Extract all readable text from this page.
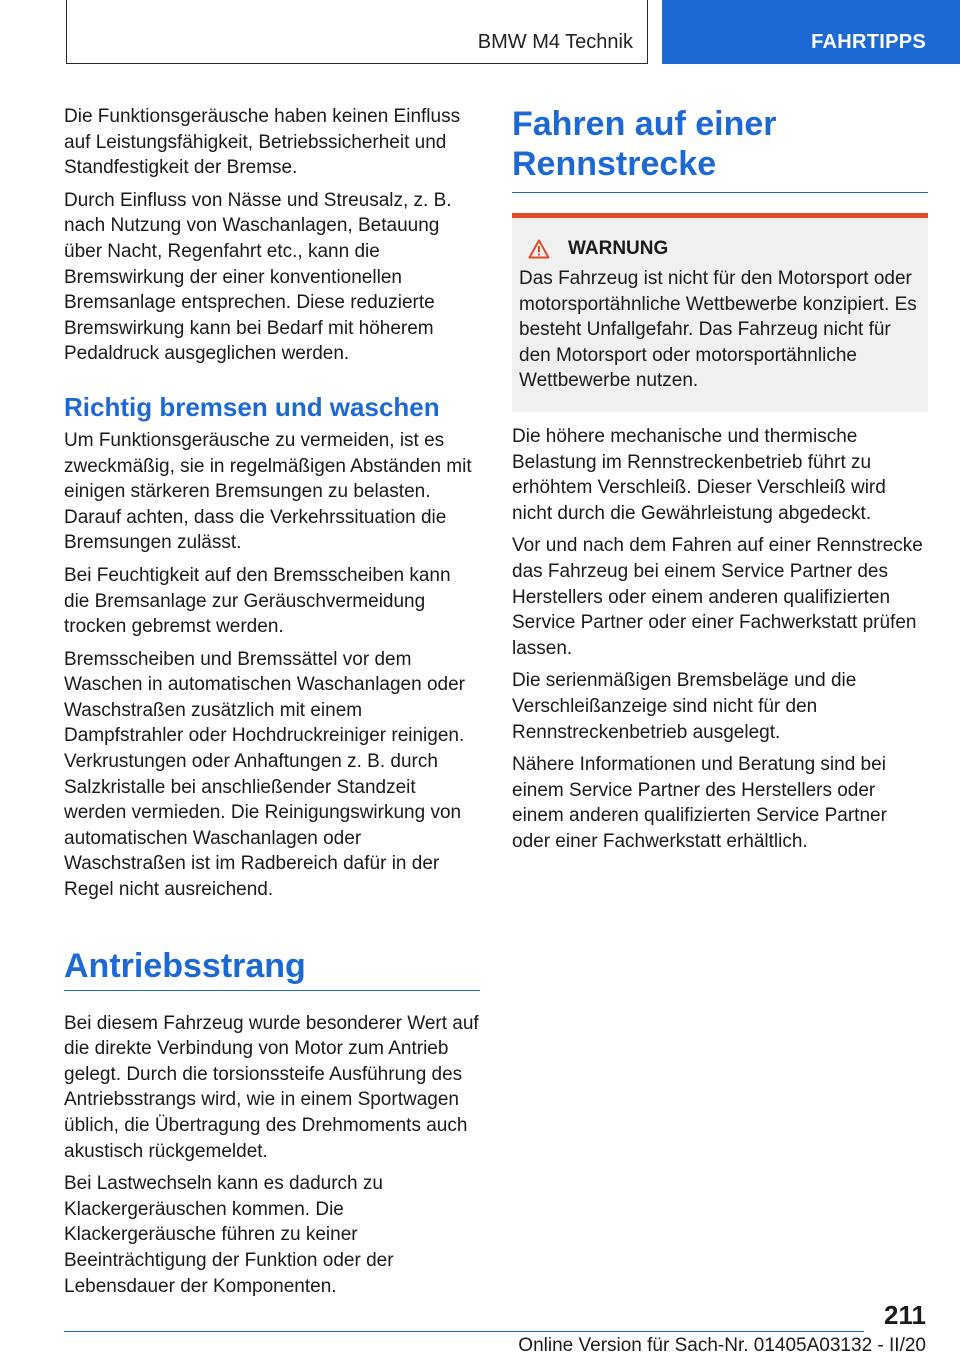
BMW M4 Technik	FAHRTIPPS

Die Funktionsgeräusche haben keinen Einfluss auf Leistungsfähigkeit, Betriebssicherheit und Standfestigkeit der Bremse.

Durch Einfluss von Nässe und Streusalz, z. B. nach Nutzung von Waschanlagen, Betauung über Nacht, Regenfahrt etc., kann die Bremswirkung der einer konventionellen Bremsanlage entsprechen. Diese reduzierte Bremswirkung kann bei Bedarf mit höherem Pedaldruck ausgeglichen werden.

Richtig bremsen und waschen

Um Funktionsgeräusche zu vermeiden, ist es zweckmäßig, sie in regelmäßigen Abständen mit einigen stärkeren Bremsungen zu belasten. Darauf achten, dass die Verkehrssituation die Bremsungen zulässt.

Bei Feuchtigkeit auf den Bremsscheiben kann die Bremsanlage zur Geräuschvermeidung trocken gebremst werden.

Bremsscheiben und Bremssättel vor dem Waschen in automatischen Waschanlagen oder Waschstraßen zusätzlich mit einem Dampfstrahler oder Hochdruckreiniger reinigen. Verkrustungen oder Anhaftungen z. B. durch Salzkristalle bei anschließender Standzeit werden vermieden. Die Reinigungswirkung von automatischen Waschanlagen oder Waschstraßen ist im Radbereich dafür in der Regel nicht ausreichend.

Antriebsstrang

Bei diesem Fahrzeug wurde besonderer Wert auf die direkte Verbindung von Motor zum Antrieb gelegt. Durch die torsionssteife Ausführung des Antriebsstrangs wird, wie in einem Sportwagen üblich, die Übertragung des Drehmoments auch akustisch rückgemeldet.

Bei Lastwechseln kann es dadurch zu Klackergeräuschen kommen. Die Klackergeräusche führen zu keiner Beeinträchtigung der Funktion oder der Lebensdauer der Komponenten.

Fahren auf einer
Rennstrecke
WARNUNG

Das Fahrzeug ist nicht für den Motorsport oder motorsportähnliche Wettbewerbe konzipiert. Es besteht Unfallgefahr. Das Fahrzeug nicht für den Motorsport oder motorsportähnliche Wettbewerbe nutzen.

Die höhere mechanische und thermische Belastung im Rennstreckenbetrieb führt zu erhöhtem Verschleiß. Dieser Verschleiß wird nicht durch die Gewährleistung abgedeckt.

Vor und nach dem Fahren auf einer Rennstrecke das Fahrzeug bei einem Service Partner des Herstellers oder einem anderen qualifizierten Service Partner oder einer Fachwerkstatt prüfen lassen.

Die serienmäßigen Bremsbeläge und die Verschleißanzeige sind nicht für den Rennstreckenbetrieb ausgelegt.

Nähere Informationen und Beratung sind bei einem Service Partner des Herstellers oder einem anderen qualifizierten Service Partner oder einer Fachwerkstatt erhältlich.

211
Online Version für Sach-Nr. 01405A03132 - II/20
